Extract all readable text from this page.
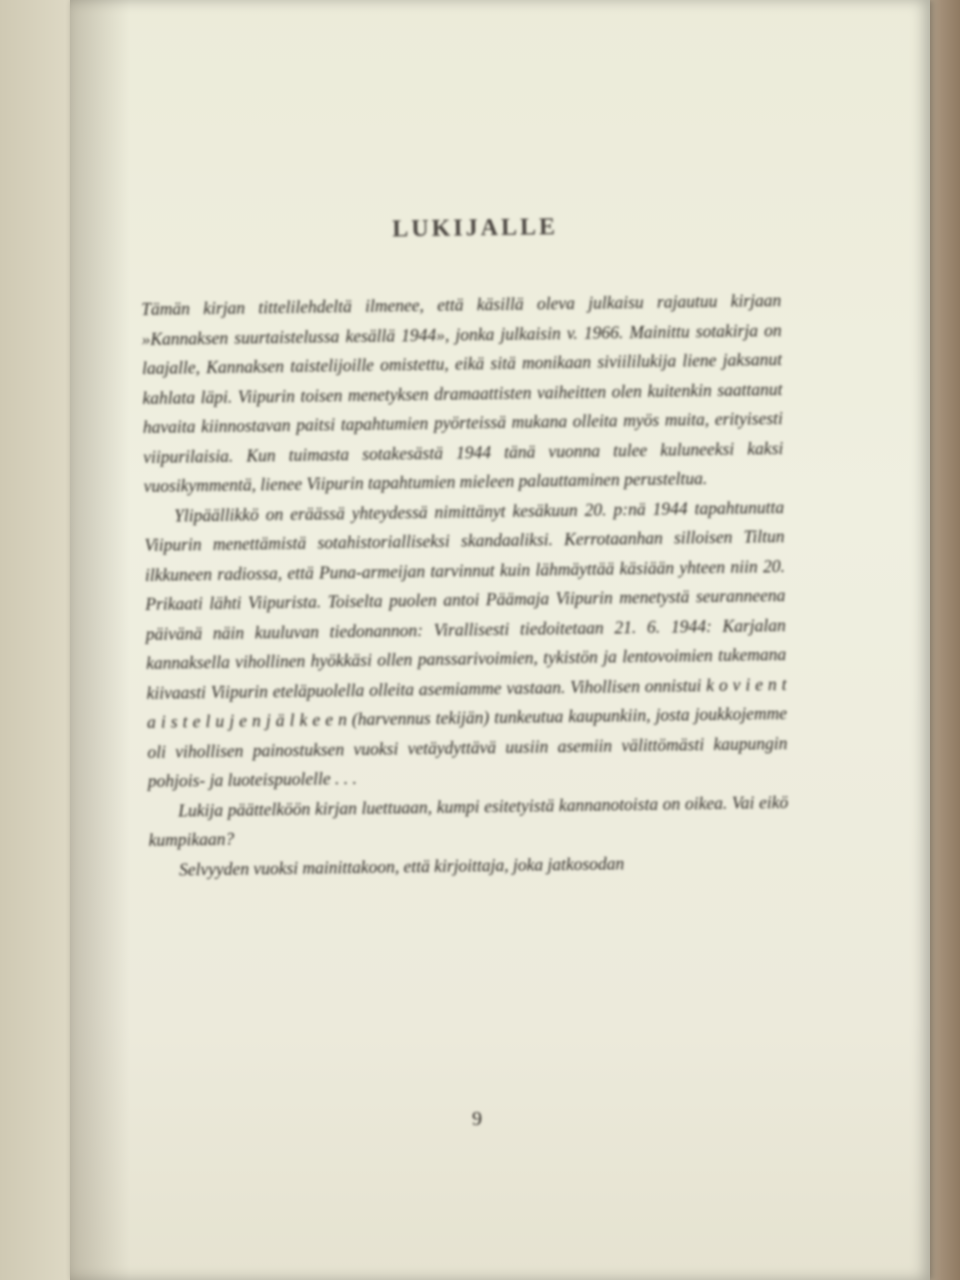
LUKIJALLE

Tämän kirjan tittelilehdeltä ilmenee, että käsillä oleva julkaisu rajautuu kirjaan »Kannaksen suurtaistelussa kesällä 1944», jonka julkaisin v. 1966. Mainittu sotakirja on laajalle, Kannaksen taistelijoille omistettu, eikä sitä monikaan siviililukija liene jaksanut kahlata läpi. Viipurin toisen menetyksen dramaattisten vaiheitten olen kuitenkin saattanut havaita kiinnostavan paitsi tapahtumien pyörteissä mukana olleita myös muita, erityisesti viipurilaisia. Kun tuimasta sotakesästä 1944 tänä vuonna tulee kuluneeksi kaksi vuosikymmentä, lienee Viipurin tapahtumien mieleen palauttaminen perusteltua.

Ylipäällikkö on eräässä yhteydessä nimittänyt kesäkuun 20. p:nä 1944 tapahtunutta Viipurin menettämistä sotahistorialliseksi skandaaliksi. Kerrotaanhan silloisen Tiltun ilkkuneen radiossa, että Puna-armeijan tarvinnut kuin lähmäyttää käsiään yhteen niin 20. Prikaati lähti Viipurista. Toiselta puolen antoi Päämaja Viipurin menetystä seuranneena päivänä näin kuuluvan tiedonannon: Virallisesti tiedoitetaan 21. 6. 1944: Karjalan kannaksella vihollinen hyökkäsi ollen panssarivoimien, tykistön ja lentovoimien tukemana kiivaasti Viipurin eteläpuolella olleita asemiamme vastaan. Vihollisen onnistui k o v i e n t a i s t e l u j e n j ä l k e e n (harvennus tekijän) tunkeutua kaupunkiin, josta joukkojemme oli vihollisen painostuksen vuoksi vetäydyttävä uusiin asemiin välittömästi kaupungin pohjois- ja luoteispuolelle . . .

Lukija päättelköön kirjan luettuaan, kumpi esitetyistä kannanotoista on oikea. Vai eikö kumpikaan?

Selvyyden vuoksi mainittakoon, että kirjoittaja, joka jatkosodan

9
